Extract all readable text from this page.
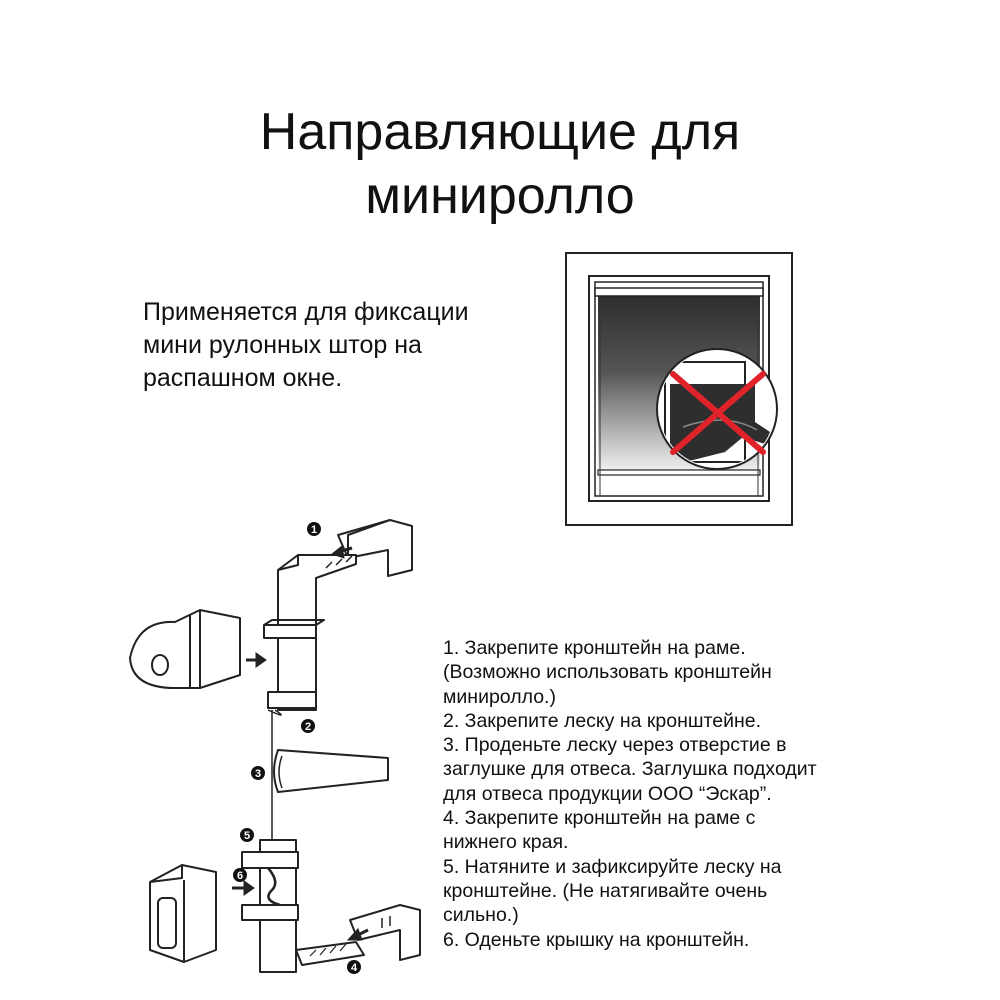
Направляющие для
миниролло
Применяется для фиксации
мини рулонных штор на
распашном окне.
1
2
3
4
5
6
1. Закрепите кронштейн на раме.
(Возможно использовать кронштейн
миниролло.)
2. Закрепите леску на кронштейне.
3. Проденьте леску через отверстие в
заглушке для отвеса. Заглушка подходит
для отвеса продукции ООО “Эскар”.
4. Закрепите кронштейн на раме с
нижнего края.
5. Натяните и зафиксируйте леску на
кронштейне. (Не натягивайте очень
сильно.)
6. Оденьте крышку на кронштейн.
